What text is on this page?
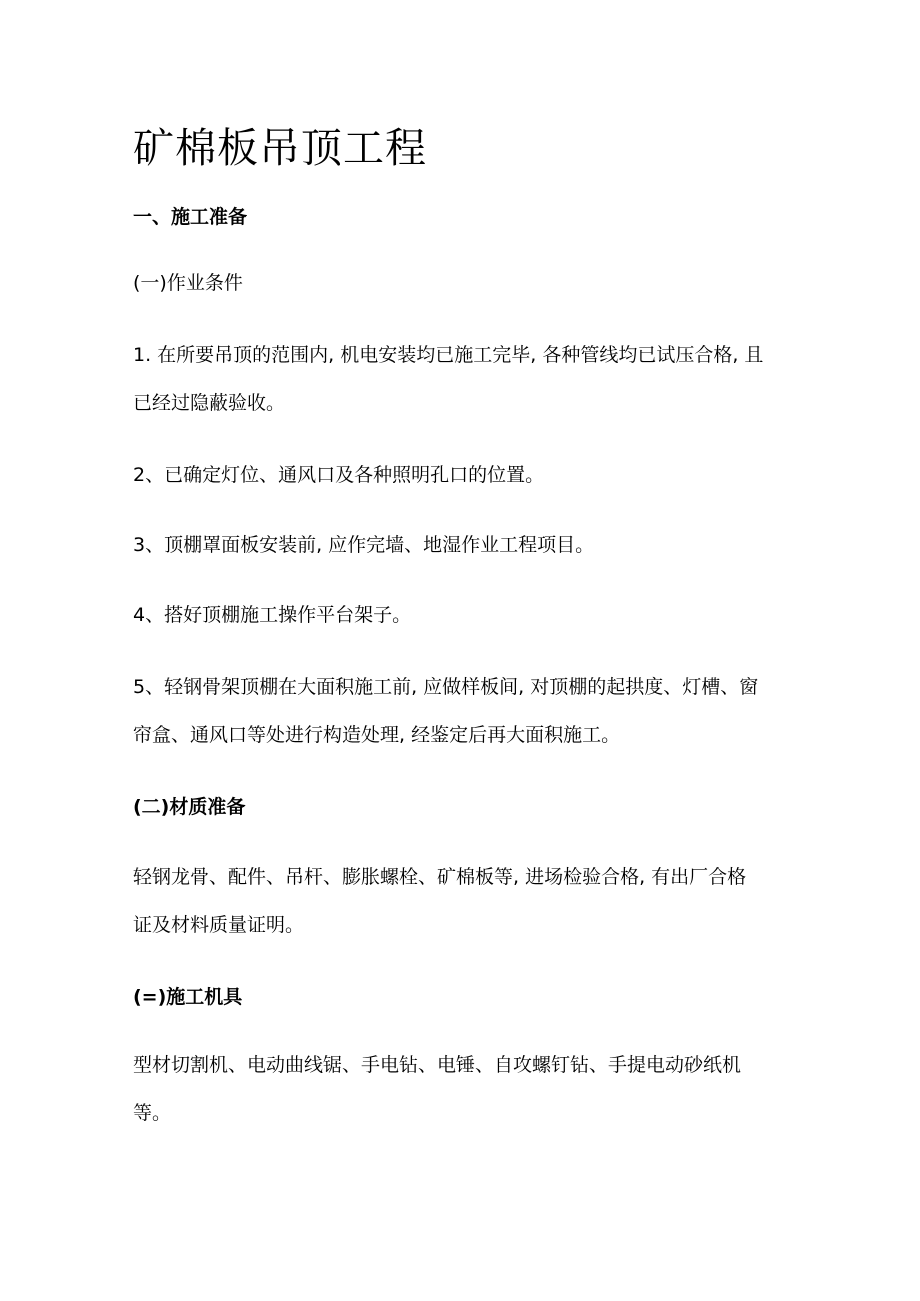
矿棉板吊顶工程
一、施工准备
(一)作业条件
1. 在所要吊顶的范围内, 机电安装均已施工完毕, 各种管线均已试压合格, 且
已经过隐蔽验收。
2、已确定灯位、通风口及各种照明孔口的位置。
3、顶棚罩面板安装前, 应作完墙、地湿作业工程项目。
4、搭好顶棚施工操作平台架子。
5、轻钢骨架顶棚在大面积施工前, 应做样板间, 对顶棚的起拱度、灯槽、窗
帘盒、通风口等处进行构造处理, 经鉴定后再大面积施工。
(二)材质准备
轻钢龙骨、配件、吊杆、膨胀螺栓、矿棉板等, 进场检验合格, 有出厂合格
证及材料质量证明。
(=)施工机具
型材切割机、电动曲线锯、手电钻、电锤、自攻螺钉钻、手提电动砂纸机
等。
